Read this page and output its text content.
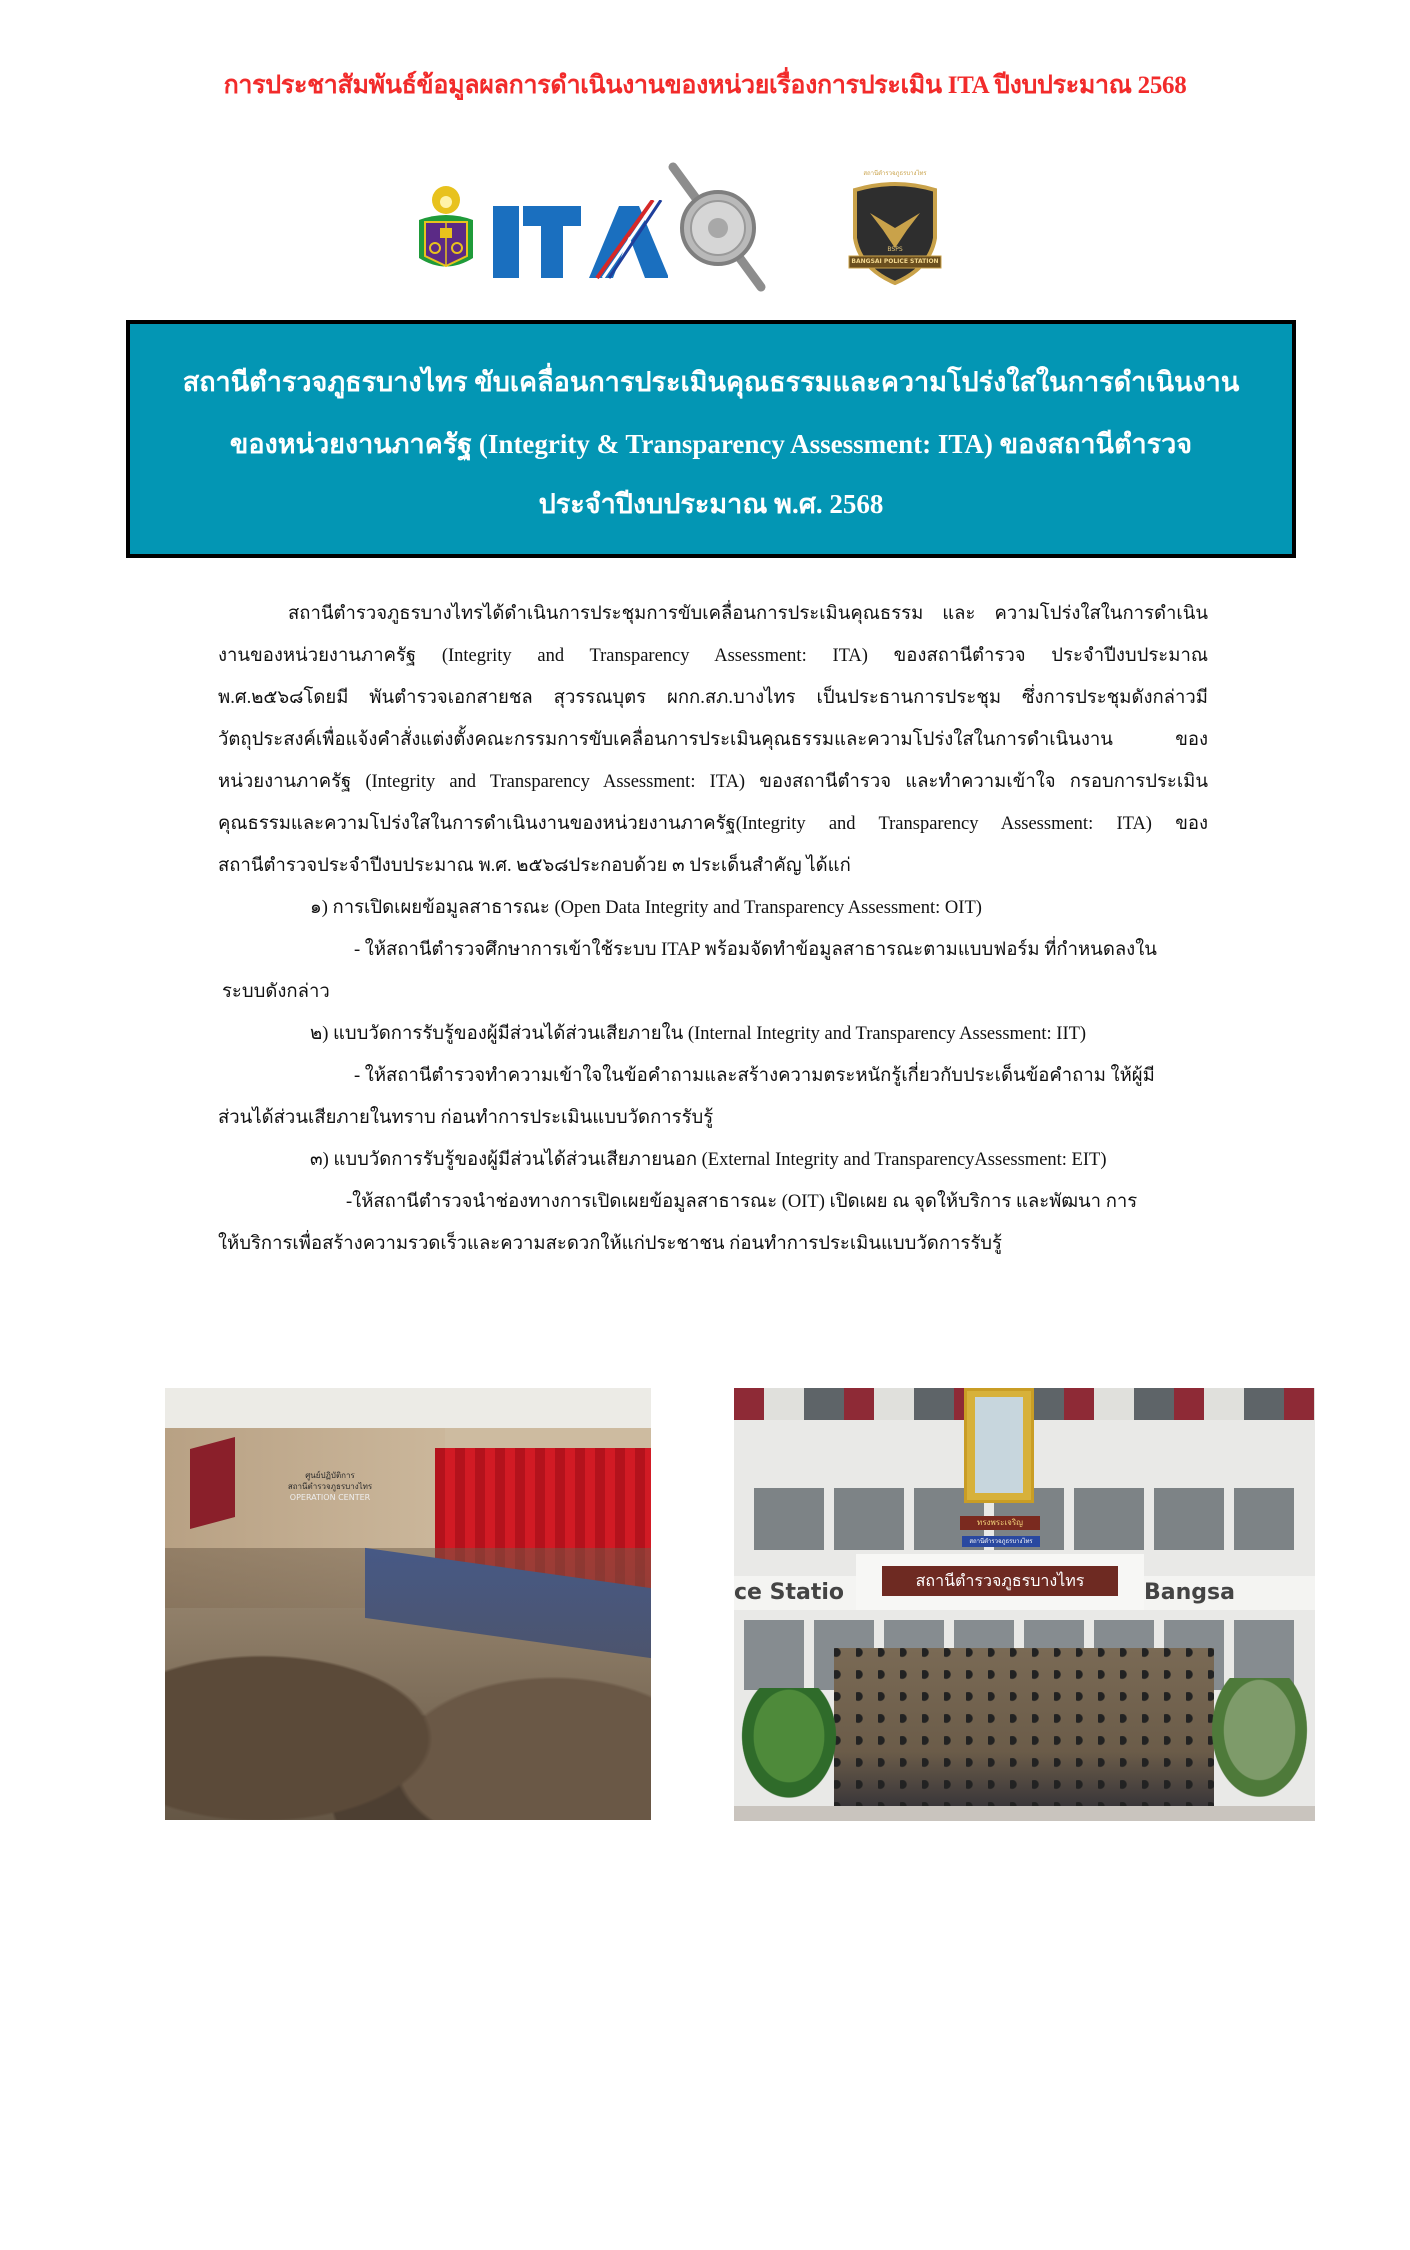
การประชาสัมพันธ์ข้อมูลผลการดำเนินงานของหน่วยเรื่องการประเมิน ITA ปีงบประมาณ 2568
สถานีตำรวจภูธรบางไทร
BSPS
BANGSAI POLICE STATION
สถานีตำรวจภูธรบางไทร ขับเคลื่อนการประเมินคุณธรรมและความโปร่งใสในการดำเนินงาน
ของหน่วยงานภาครัฐ (Integrity & Transparency Assessment: ITA) ของสถานีตำรวจ
ประจำปีงบประมาณ พ.ศ. 2568
สถานีตำรวจภูธรบางไทรได้ดำเนินการประชุมการขับเคลื่อนการประเมินคุณธรรม และ ความโปร่งใสในการดำเนิน
งานของหน่วยงานภาครัฐ (Integrity and Transparency Assessment: ITA) ของสถานีตำรวจ ประจำปีงบประมาณ
พ.ศ.๒๕๖๘โดยมี พันตำรวจเอกสายชล สุวรรณบุตร ผกก.สภ.บางไทร เป็นประธานการประชุม ซึ่งการประชุมดังกล่าวมี
วัตถุประสงค์เพื่อแจ้งคำสั่งแต่งตั้งคณะกรรมการขับเคลื่อนการประเมินคุณธรรมและความโปร่งใสในการดำเนินงาน ของ
หน่วยงานภาครัฐ (Integrity and Transparency Assessment: ITA) ของสถานีตำรวจ และทำความเข้าใจ กรอบการประเมิน
คุณธรรมและความโปร่งใสในการดำเนินงานของหน่วยงานภาครัฐ(Integrity and Transparency Assessment: ITA) ของ
สถานีตำรวจประจำปีงบประมาณ พ.ศ. ๒๕๖๘ประกอบด้วย ๓ ประเด็นสำคัญ ได้แก่
๑) การเปิดเผยข้อมูลสาธารณะ (Open Data Integrity and Transparency Assessment: OIT)
- ให้สถานีตำรวจศึกษาการเข้าใช้ระบบ ITAP พร้อมจัดทำข้อมูลสาธารณะตามแบบฟอร์ม ที่กำหนดลงใน
ระบบดังกล่าว
๒) แบบวัดการรับรู้ของผู้มีส่วนได้ส่วนเสียภายใน (Internal Integrity and Transparency Assessment: IIT)
- ให้สถานีตำรวจทำความเข้าใจในข้อคำถามและสร้างความตระหนักรู้เกี่ยวกับประเด็นข้อคำถาม ให้ผู้มี
ส่วนได้ส่วนเสียภายในทราบ ก่อนทำการประเมินแบบวัดการรับรู้
๓) แบบวัดการรับรู้ของผู้มีส่วนได้ส่วนเสียภายนอก (External Integrity and TransparencyAssessment: EIT)
-ให้สถานีตำรวจนำช่องทางการเปิดเผยข้อมูลสาธารณะ (OIT) เปิดเผย ณ จุดให้บริการ และพัฒนา การ
ให้บริการเพื่อสร้างความรวดเร็วและความสะดวกให้แก่ประชาชน ก่อนทำการประเมินแบบวัดการรับรู้
ศูนย์ปฏิบัติการ
สถานีตำรวจภูธรบางไทร
OPERATION CENTER
ทรงพระเจริญ
สถานีตำรวจภูธรบางไทร
ce Statio	สถานีตำรวจภูธรบางไทร	Bangsa
